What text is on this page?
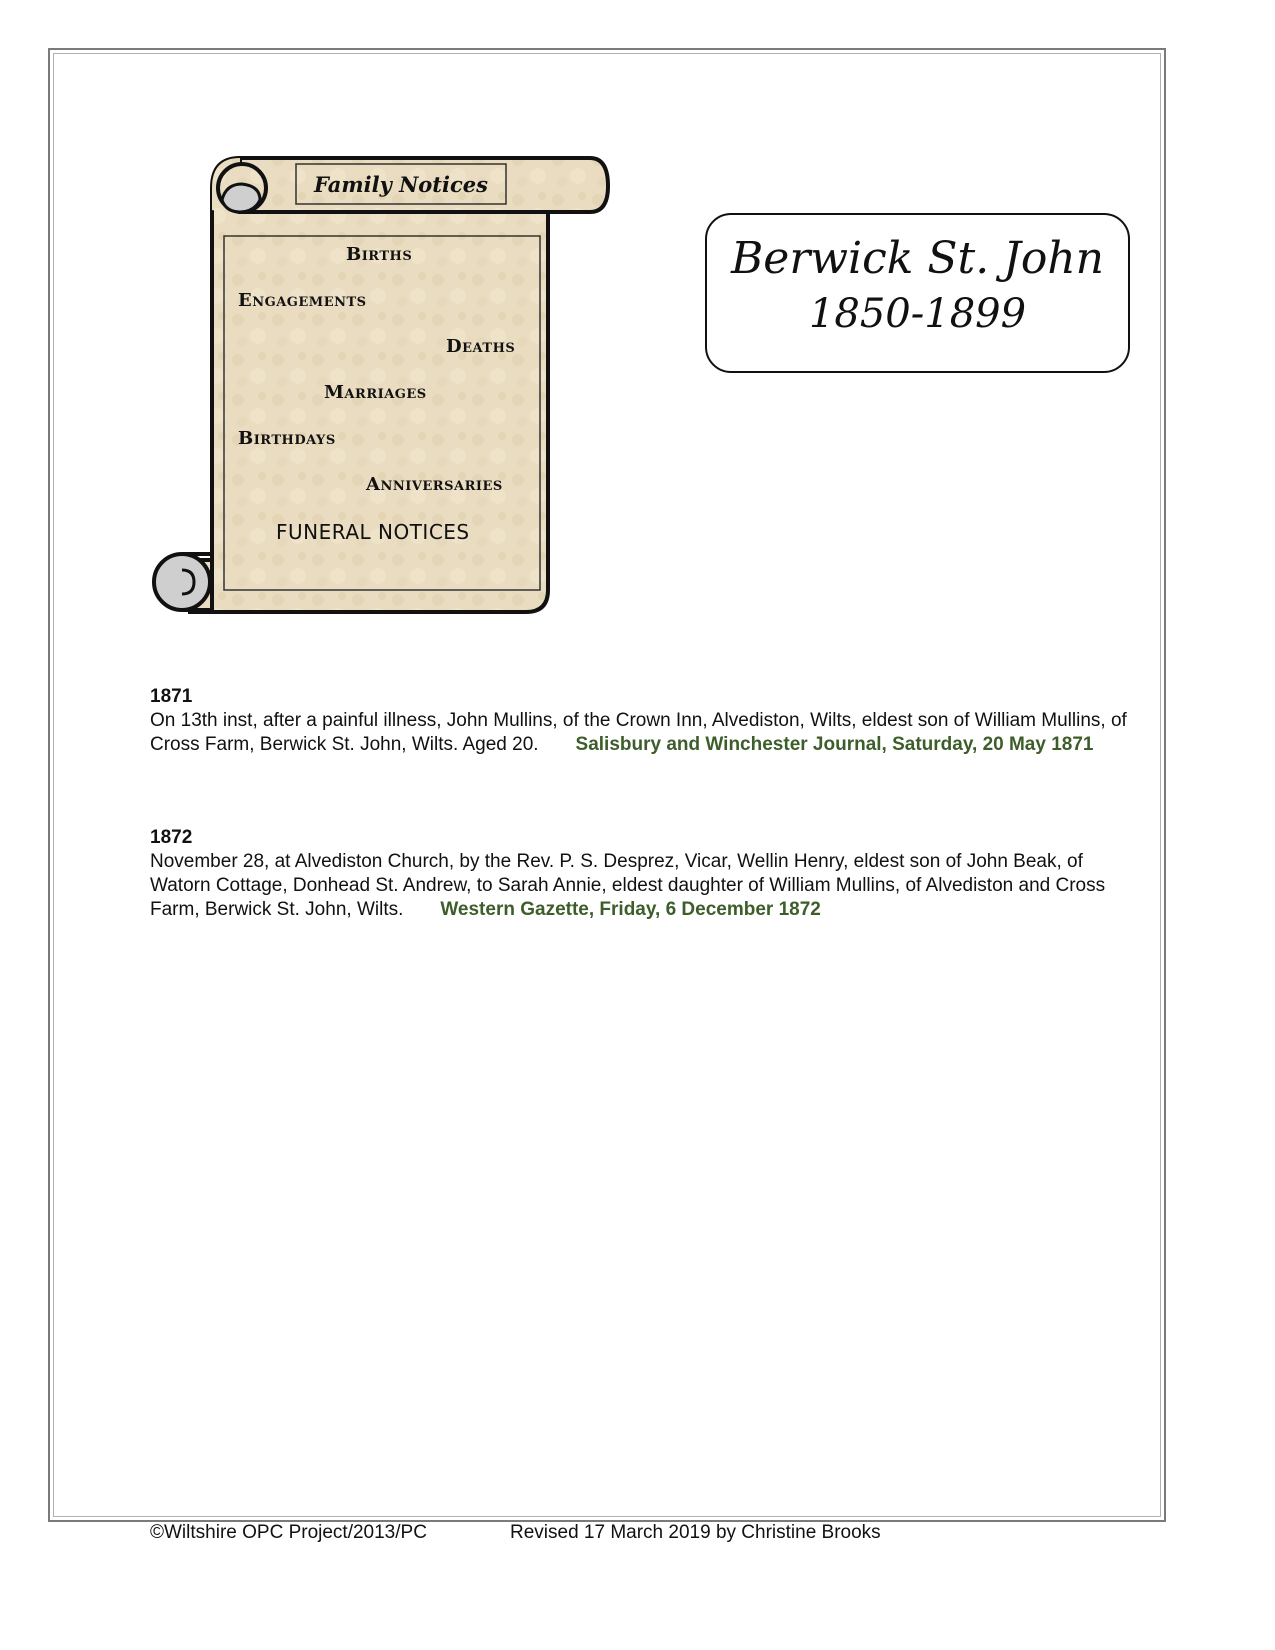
Family Notices
Births
Engagements
Deaths
Marriages
Birthdays
Anniversaries
FUNERAL NOTICES
Berwick St. John
1850-1899
1871
On 13th inst, after a painful illness, John Mullins, of the Crown Inn, Alvediston, Wilts, eldest son of William Mullins, of Cross Farm, Berwick St. John, Wilts. Aged 20. Salisbury and Winchester Journal, Saturday, 20 May 1871
1872
November 28, at Alvediston Church, by the Rev. P. S. Desprez, Vicar, Wellin Henry, eldest son of John Beak, of Watorn Cottage, Donhead St. Andrew, to Sarah Annie, eldest daughter of William Mullins, of Alvediston and Cross Farm, Berwick St. John, Wilts. Western Gazette, Friday, 6 December 1872
©Wiltshire OPC Project/2013/PC	Revised 17 March 2019 by Christine Brooks
